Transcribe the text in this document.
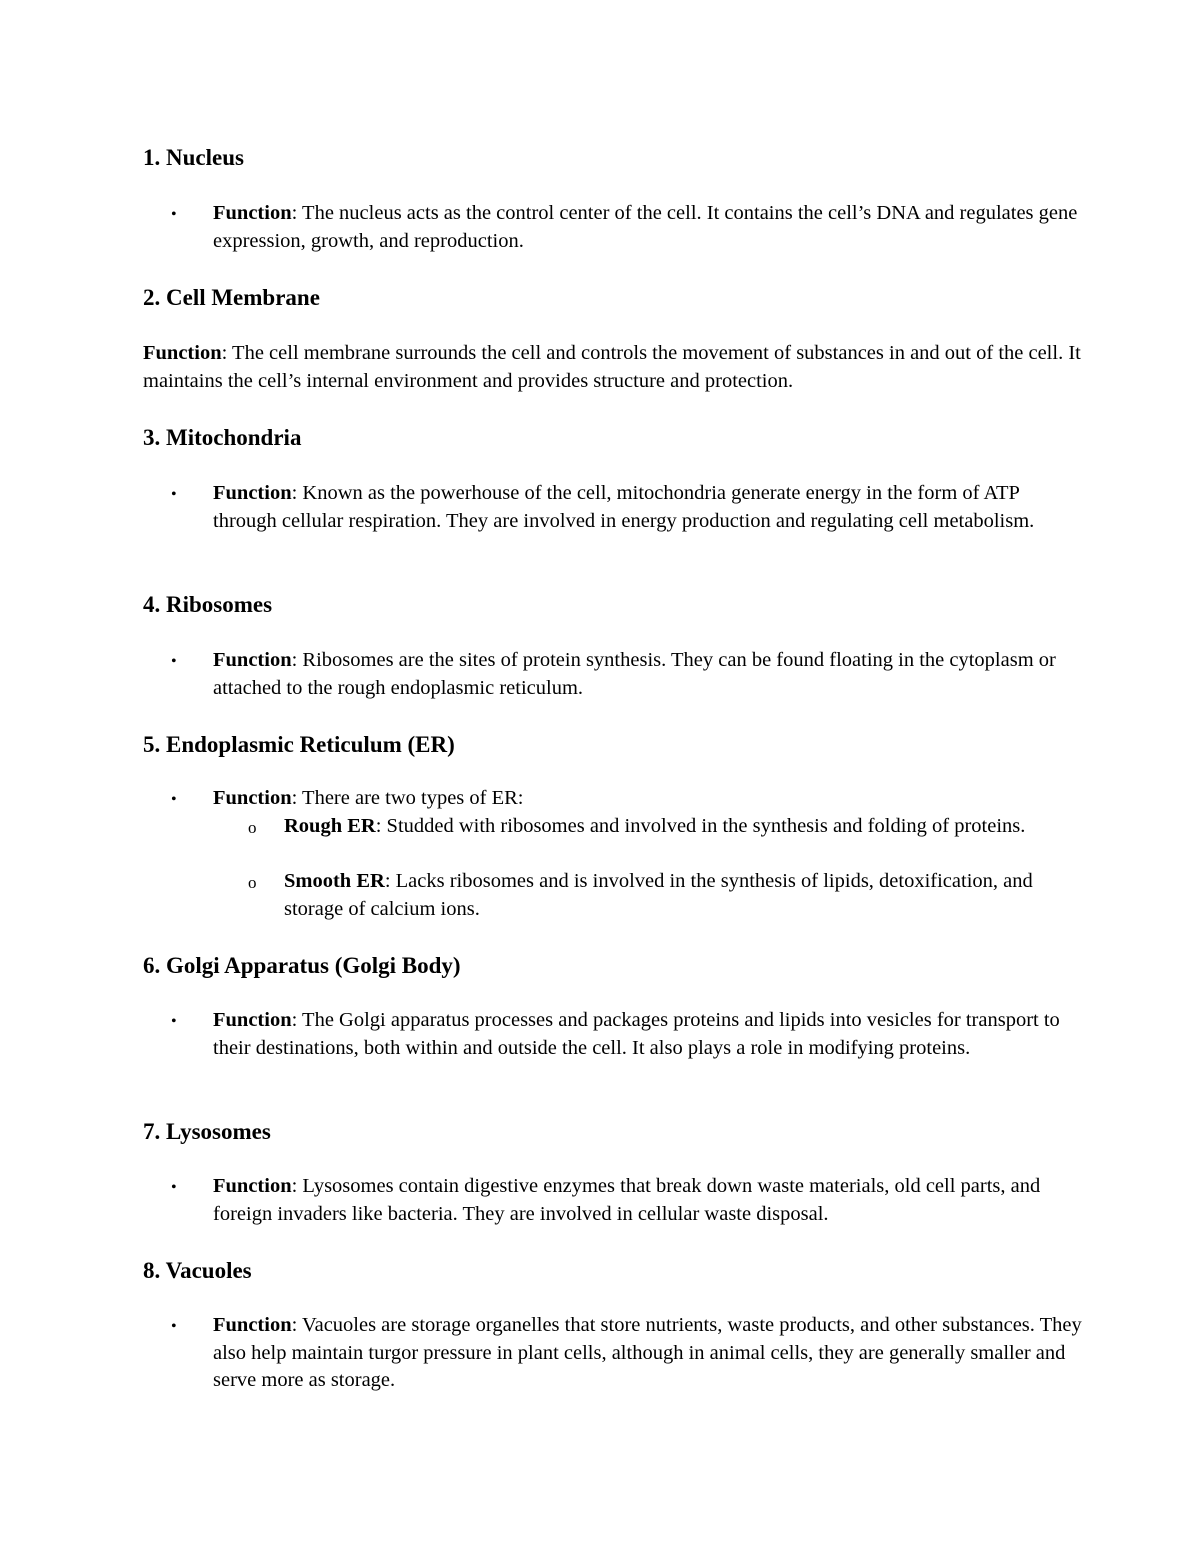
1. Nucleus
• Function: The nucleus acts as the control center of the cell. It contains the cell’s DNA and regulates gene expression, growth, and reproduction.

2. Cell Membrane

Function: The cell membrane surrounds the cell and controls the movement of substances in and out of the cell. It maintains the cell’s internal environment and provides structure and protection.

3. Mitochondria
• Function: Known as the powerhouse of the cell, mitochondria generate energy in the form of ATP through cellular respiration. They are involved in energy production and regulating cell metabolism.

4. Ribosomes
• Function: Ribosomes are the sites of protein synthesis. They can be found floating in the cytoplasm or attached to the rough endoplasmic reticulum.

5. Endoplasmic Reticulum (ER)
• Function: There are two types of ER:

o Rough ER: Studded with ribosomes and involved in the synthesis and folding of proteins.

o Smooth ER: Lacks ribosomes and is involved in the synthesis of lipids, detoxification, and storage of calcium ions.

6. Golgi Apparatus (Golgi Body)
• Function: The Golgi apparatus processes and packages proteins and lipids into vesicles for transport to their destinations, both within and outside the cell. It also plays a role in modifying proteins.

7. Lysosomes
• Function: Lysosomes contain digestive enzymes that break down waste materials, old cell parts, and foreign invaders like bacteria. They are involved in cellular waste disposal.

8. Vacuoles
• Function: Vacuoles are storage organelles that store nutrients, waste products, and other substances. They also help maintain turgor pressure in plant cells, although in animal cells, they are generally smaller and serve more as storage.
